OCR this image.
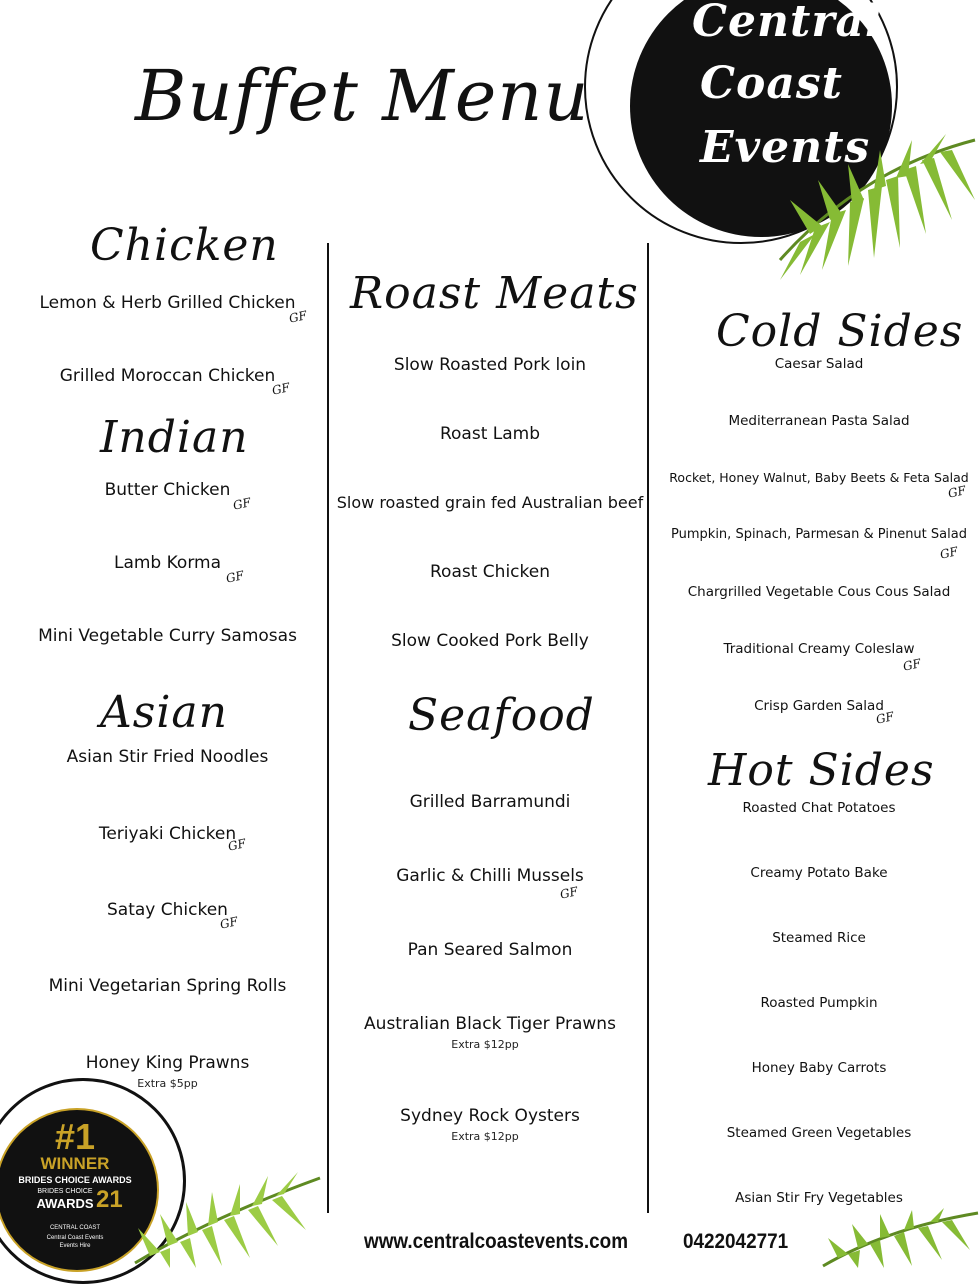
Buffet Menu
Central
Coast
Events
Chicken
Lemon & Herb Grilled Chicken
GF
Grilled Moroccan Chicken
GF
Indian
Butter Chicken
GF
Lamb Korma
GF
Mini Vegetable Curry Samosas
Asian
Asian Stir Fried Noodles
Teriyaki Chicken
GF
Satay Chicken
GF
Mini Vegetarian Spring Rolls
Honey King Prawns
Extra $5pp
Roast Meats
Slow Roasted Pork loin
Roast Lamb
Slow roasted grain fed Australian beef
Roast Chicken
Slow Cooked Pork Belly
Seafood
Grilled Barramundi
Garlic & Chilli Mussels
GF
Pan Seared Salmon
Australian Black Tiger Prawns
Extra $12pp
Sydney Rock Oysters
Extra $12pp
Cold Sides
Caesar Salad
Mediterranean Pasta Salad
Rocket, Honey Walnut, Baby Beets & Feta Salad
GF
Pumpkin, Spinach, Parmesan & Pinenut Salad
GF
Chargrilled Vegetable Cous Cous Salad
Traditional Creamy Coleslaw
GF
Crisp Garden Salad
GF
Hot Sides
Roasted Chat Potatoes
Creamy Potato Bake
Steamed Rice
Roasted Pumpkin
Honey Baby Carrots
Steamed Green Vegetables
Asian Stir Fry Vegetables
www.centralcoastevents.com	0422042771
#1
WINNER
BRIDES CHOICE AWARDS
BRIDES CHOICE
AWARDS 21
CENTRAL COAST
Central Coast Events
Events Hire
